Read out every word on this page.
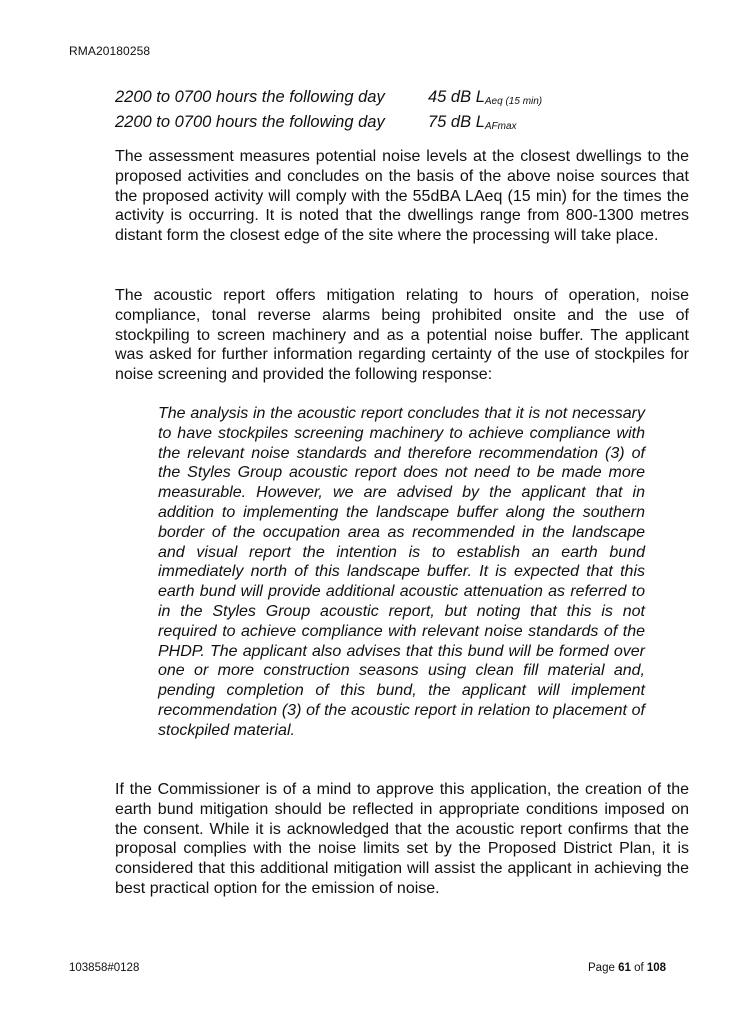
RMA20180258
2200 to 0700 hours the following day	45 dB $L_{Aeq (15 min)}$
2200 to 0700 hours the following day	75 dB $L_{AFmax}$

The assessment measures potential noise levels at the closest dwellings to the proposed activities and concludes on the basis of the above noise sources that the proposed activity will comply with the 55dBA LAeq (15 min) for the times the activity is occurring. It is noted that the dwellings range from 800-1300 metres distant form the closest edge of the site where the processing will take place.

The acoustic report offers mitigation relating to hours of operation, noise compliance, tonal reverse alarms being prohibited onsite and the use of stockpiling to screen machinery and as a potential noise buffer. The applicant was asked for further information regarding certainty of the use of stockpiles for noise screening and provided the following response:

The analysis in the acoustic report concludes that it is not necessary to have stockpiles screening machinery to achieve compliance with the relevant noise standards and therefore recommendation (3) of the Styles Group acoustic report does not need to be made more measurable. However, we are advised by the applicant that in addition to implementing the landscape buffer along the southern border of the occupation area as recommended in the landscape and visual report the intention is to establish an earth bund immediately north of this landscape buffer. It is expected that this earth bund will provide additional acoustic attenuation as referred to in the Styles Group acoustic report, but noting that this is not required to achieve compliance with relevant noise standards of the PHDP. The applicant also advises that this bund will be formed over one or more construction seasons using clean fill material and, pending completion of this bund, the applicant will implement recommendation (3) of the acoustic report in relation to placement of stockpiled material.

If the Commissioner is of a mind to approve this application, the creation of the earth bund mitigation should be reflected in appropriate conditions imposed on the consent. While it is acknowledged that the acoustic report confirms that the proposal complies with the noise limits set by the Proposed District Plan, it is considered that this additional mitigation will assist the applicant in achieving the best practical option for the emission of noise.

103858#0128	Page 61 of 108
